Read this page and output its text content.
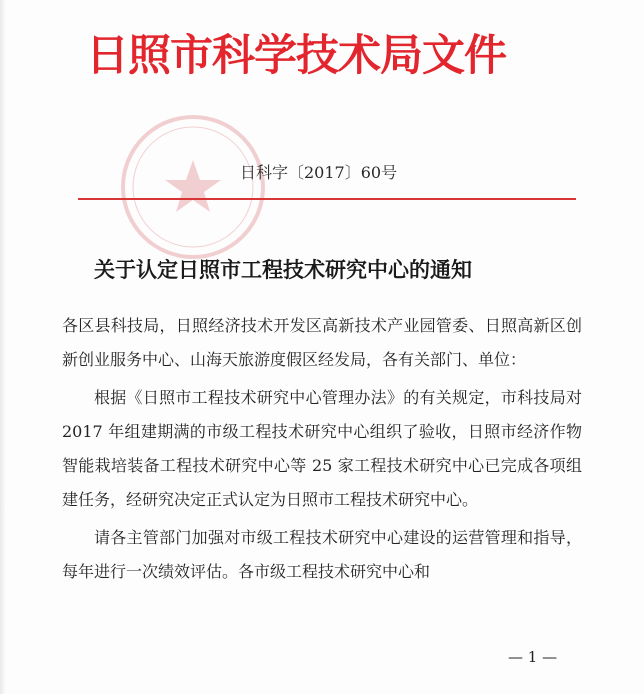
日照市科学技术局文件
日科字〔2017〕60号
关于认定日照市工程技术研究中心的通知

各区县科技局，日照经济技术开发区高新技术产业园管委、日照高新区创新创业服务中心、山海天旅游度假区经发局，各有关部门、单位：

根据《日照市工程技术研究中心管理办法》的有关规定，市科技局对 2017 年组建期满的市级工程技术研究中心组织了验收，日照市经济作物智能栽培装备工程技术研究中心等 25 家工程技术研究中心已完成各项组建任务，经研究决定正式认定为日照市工程技术研究中心。

请各主管部门加强对市级工程技术研究中心建设的运营管理和指导，每年进行一次绩效评估。各市级工程技术研究中心和

— 1 —
